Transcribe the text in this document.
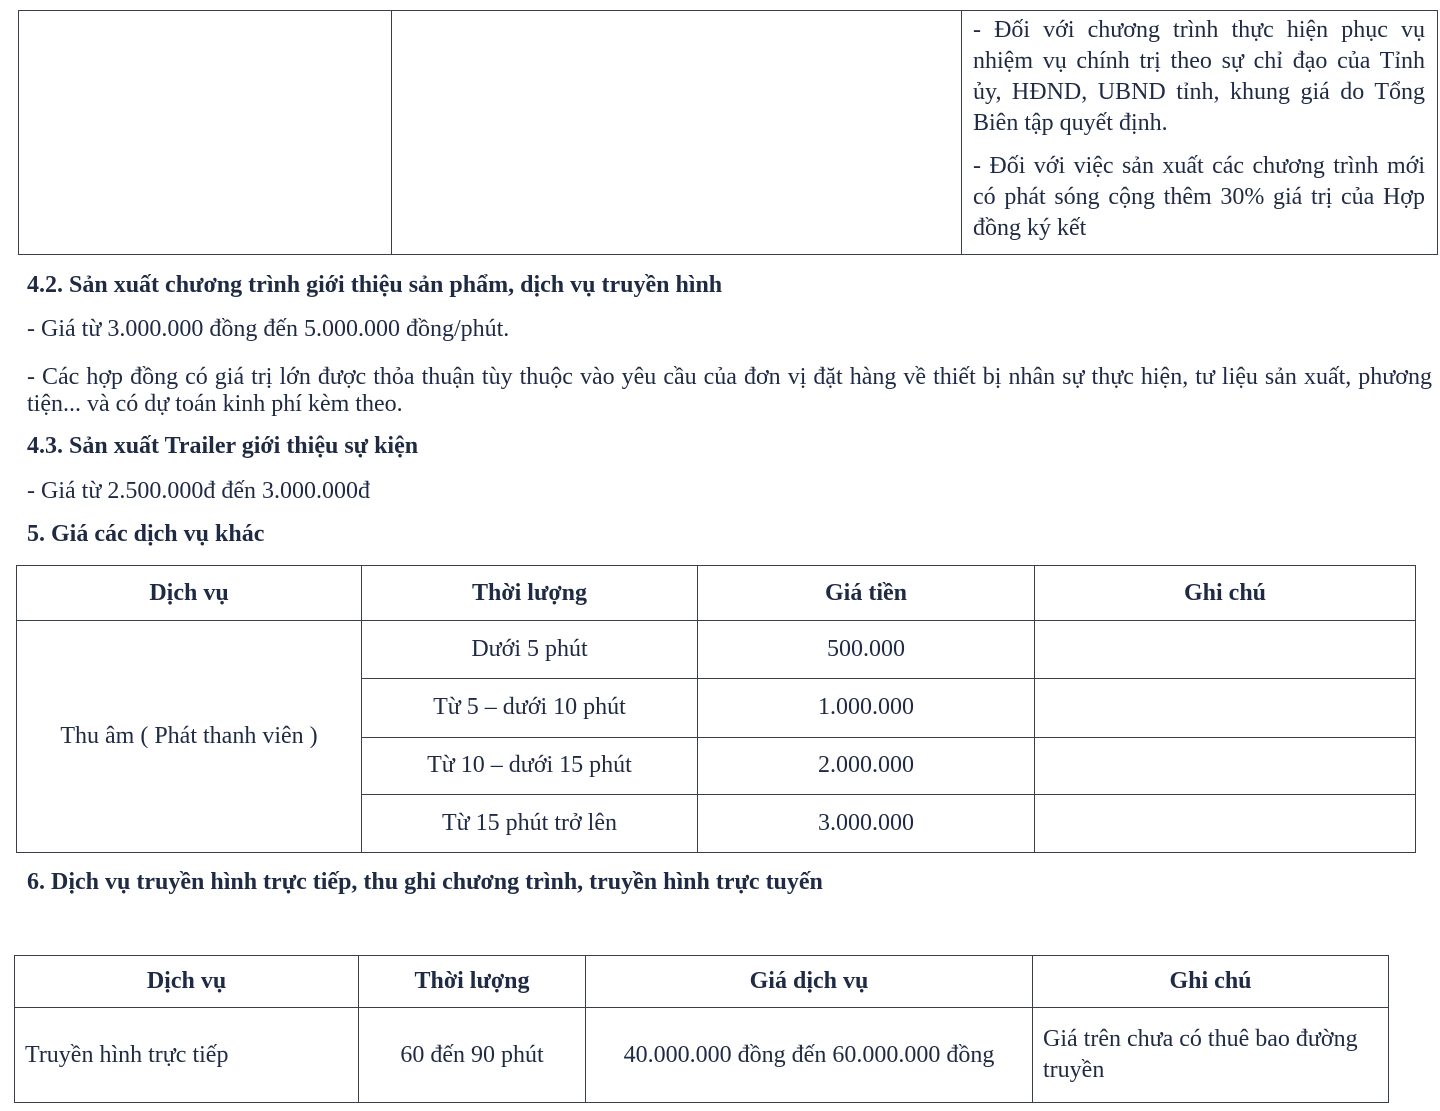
- Đối với chương trình thực hiện phục vụ nhiệm vụ chính trị theo sự chỉ đạo của Tỉnh ủy, HĐND, UBND tỉnh, khung giá do Tổng Biên tập quyết định.
- Đối với việc sản xuất các chương trình mới có phát sóng cộng thêm 30% giá trị của Hợp đồng ký kết
4.2. Sản xuất chương trình giới thiệu sản phẩm, dịch vụ truyền hình
- Giá từ 3.000.000 đồng đến 5.000.000 đồng/phút.
- Các hợp đồng có giá trị lớn được thỏa thuận tùy thuộc vào yêu cầu của đơn vị đặt hàng về thiết bị nhân sự thực hiện, tư liệu sản xuất, phương tiện... và có dự toán kinh phí kèm theo.
4.3. Sản xuất Trailer giới thiệu sự kiện
- Giá từ 2.500.000đ đến 3.000.000đ
5. Giá các dịch vụ khác
Dịch vụ	Thời lượng	Giá tiền	Ghi chú
Thu âm ( Phát thanh viên )	Dưới 5 phút	500.000	
	Từ 5 – dưới 10 phút	1.000.000	
	Từ 10 – dưới 15 phút	2.000.000	
	Từ 15 phút trở lên	3.000.000	
6. Dịch vụ truyền hình trực tiếp, thu ghi chương trình, truyền hình trực tuyến
Dịch vụ	Thời lượng	Giá dịch vụ	Ghi chú
Truyền hình trực tiếp	60 đến 90 phút	40.000.000 đồng đến 60.000.000 đồng	Giá trên chưa có thuê bao đường truyền
